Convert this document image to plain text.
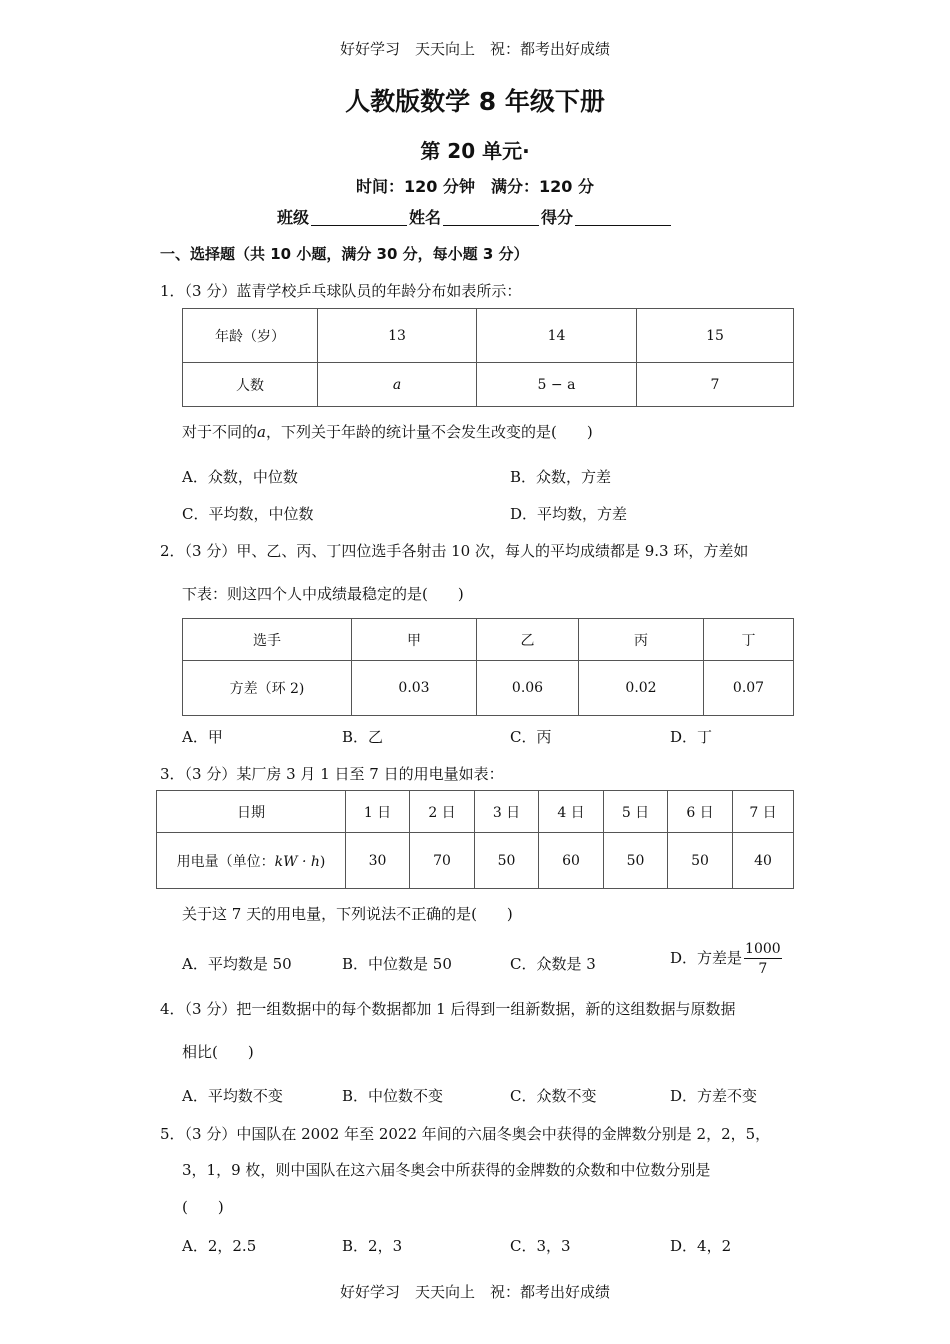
好好学习　天天向上　祝：都考出好成绩
人教版数学 8 年级下册
第 20 单元·
时间：120 分钟　满分：120 分
班级	姓名	得分
一、选择题（共 10 小题，满分 30 分，每小题 3 分）
1．（3 分）蓝青学校乒乓球队员的年龄分布如表所示：
年龄（岁）	13	14	15
人数	a	5 − a	7
对于不同的a，下列关于年龄的统计量不会发生改变的是(　　)
A．众数，中位数	B．众数，方差
C．平均数，中位数	D．平均数，方差
2．（3 分）甲、乙、丙、丁四位选手各射击 10 次，每人的平均成绩都是 9.3 环，方差如
下表：则这四个人中成绩最稳定的是(　　)
选手	甲	乙	丙	丁
方差（环 2)	0.03	0.06	0.02	0.07
A．甲	B．乙	C．丙	D．丁
3．（3 分）某厂房 3 月 1 日至 7 日的用电量如表：
日期	1 日	2 日	3 日	4 日	5 日	6 日	7 日
用电量（单位：kW · h)	30	70	50	60	50	50	40
关于这 7 天的用电量，下列说法不正确的是(　　)
A．平均数是 50	B．中位数是 50	C．众数是 3	D．方差是 $\frac{1000}{7}$
4．（3 分）把一组数据中的每个数据都加 1 后得到一组新数据，新的这组数据与原数据
相比(　　)
A．平均数不变	B．中位数不变	C．众数不变	D．方差不变
5．（3 分）中国队在 2002 年至 2022 年间的六届冬奥会中获得的金牌数分别是 2，2，5，
3，1，9 枚，则中国队在这六届冬奥会中所获得的金牌数的众数和中位数分别是
(　　)
A．2，2.5	B．2，3	C．3，3	D．4，2
好好学习　天天向上　祝：都考出好成绩
